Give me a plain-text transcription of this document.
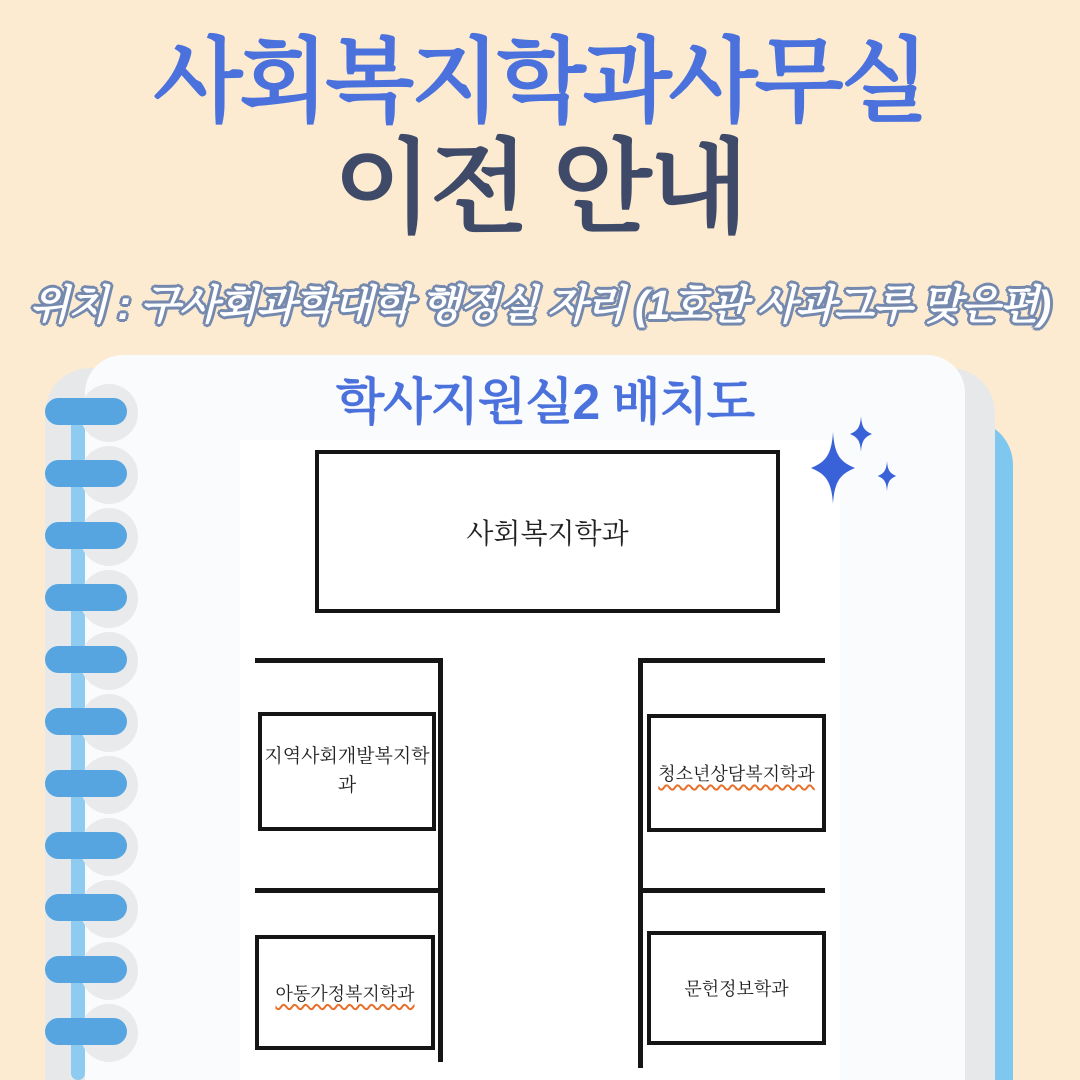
사회복지학과사무실
이전 안내
위치 : 구사회과학대학 행정실 자리 (1호관 사과그루 맞은편)
학사지원실2 배치도
사회복지학과
지역사회개발복지학과
아동가정복지학과
청소년상담복지학과
문헌정보학과
